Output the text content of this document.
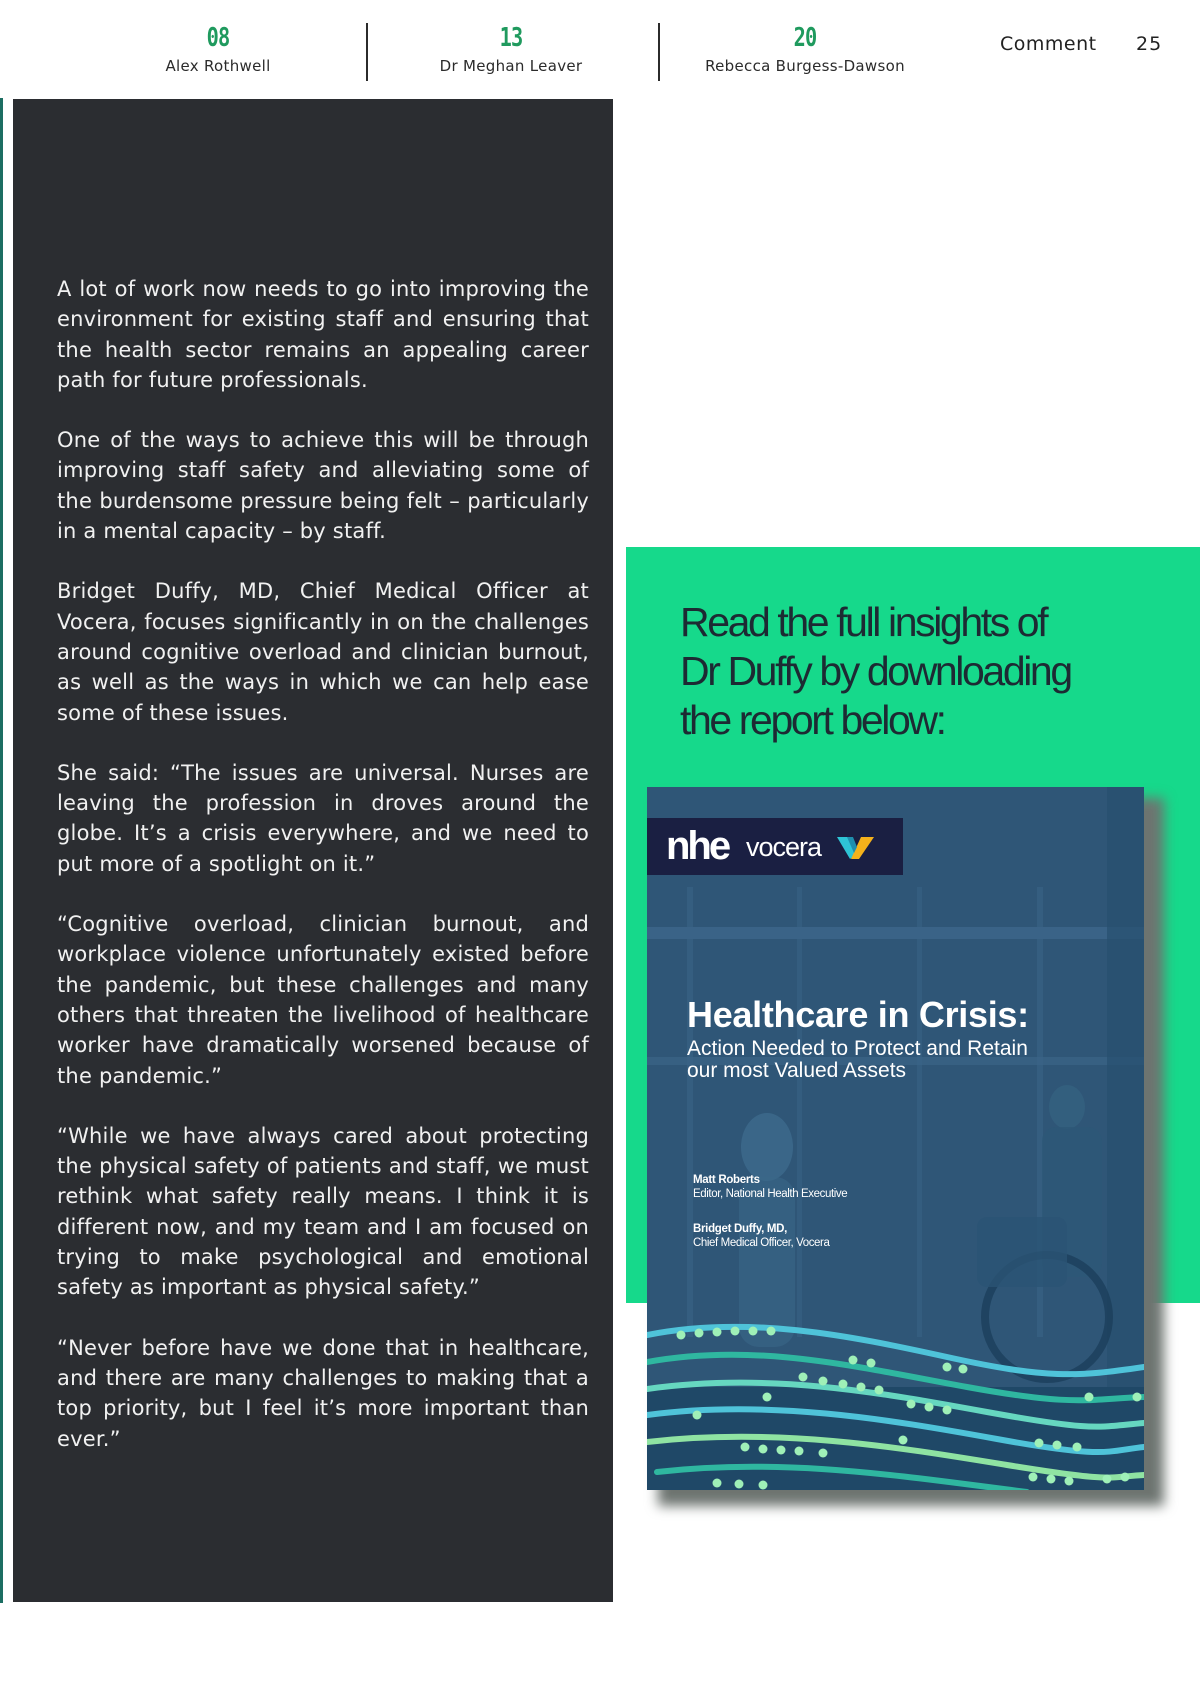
08
Alex Rothwell
13
Dr Meghan Leaver
20
Rebecca Burgess-Dawson
Comment 25

A lot of work now needs to go into improving the environment for existing staff and ensuring that the health sector remains an appealing career path for future professionals.

One of the ways to achieve this will be through improving staff safety and alleviating some of the burdensome pressure being felt – particularly in a mental capacity – by staff.

Bridget Duffy, MD, Chief Medical Officer at Vocera, focuses significantly in on the challenges around cognitive overload and clinician burnout, as well as the ways in which we can help ease some of these issues.

She said: “The issues are universal. Nurses are leaving the profession in droves around the globe. It’s a crisis everywhere, and we need to put more of a spotlight on it.”

“Cognitive overload, clinician burnout, and workplace violence unfortunately existed before the pandemic, but these challenges and many others that threaten the livelihood of healthcare worker have dramatically worsened because of the pandemic.”

“While we have always cared about protecting the physical safety of patients and staff, we must rethink what safety really means. I think it is different now, and my team and I am focused on trying to make psychological and emotional safety as important as physical safety.”

“Never before have we done that in healthcare, and there are many challenges to making that a top priority, but I feel it’s more important than ever.”

Read the full insights of
Dr Duffy by downloading
the report below:
nhe vocera
Healthcare in Crisis:
Action Needed to Protect and Retain
our most Valued Assets
Matt Roberts
Editor, National Health Executive
Bridget Duffy, MD,
Chief Medical Officer, Vocera
